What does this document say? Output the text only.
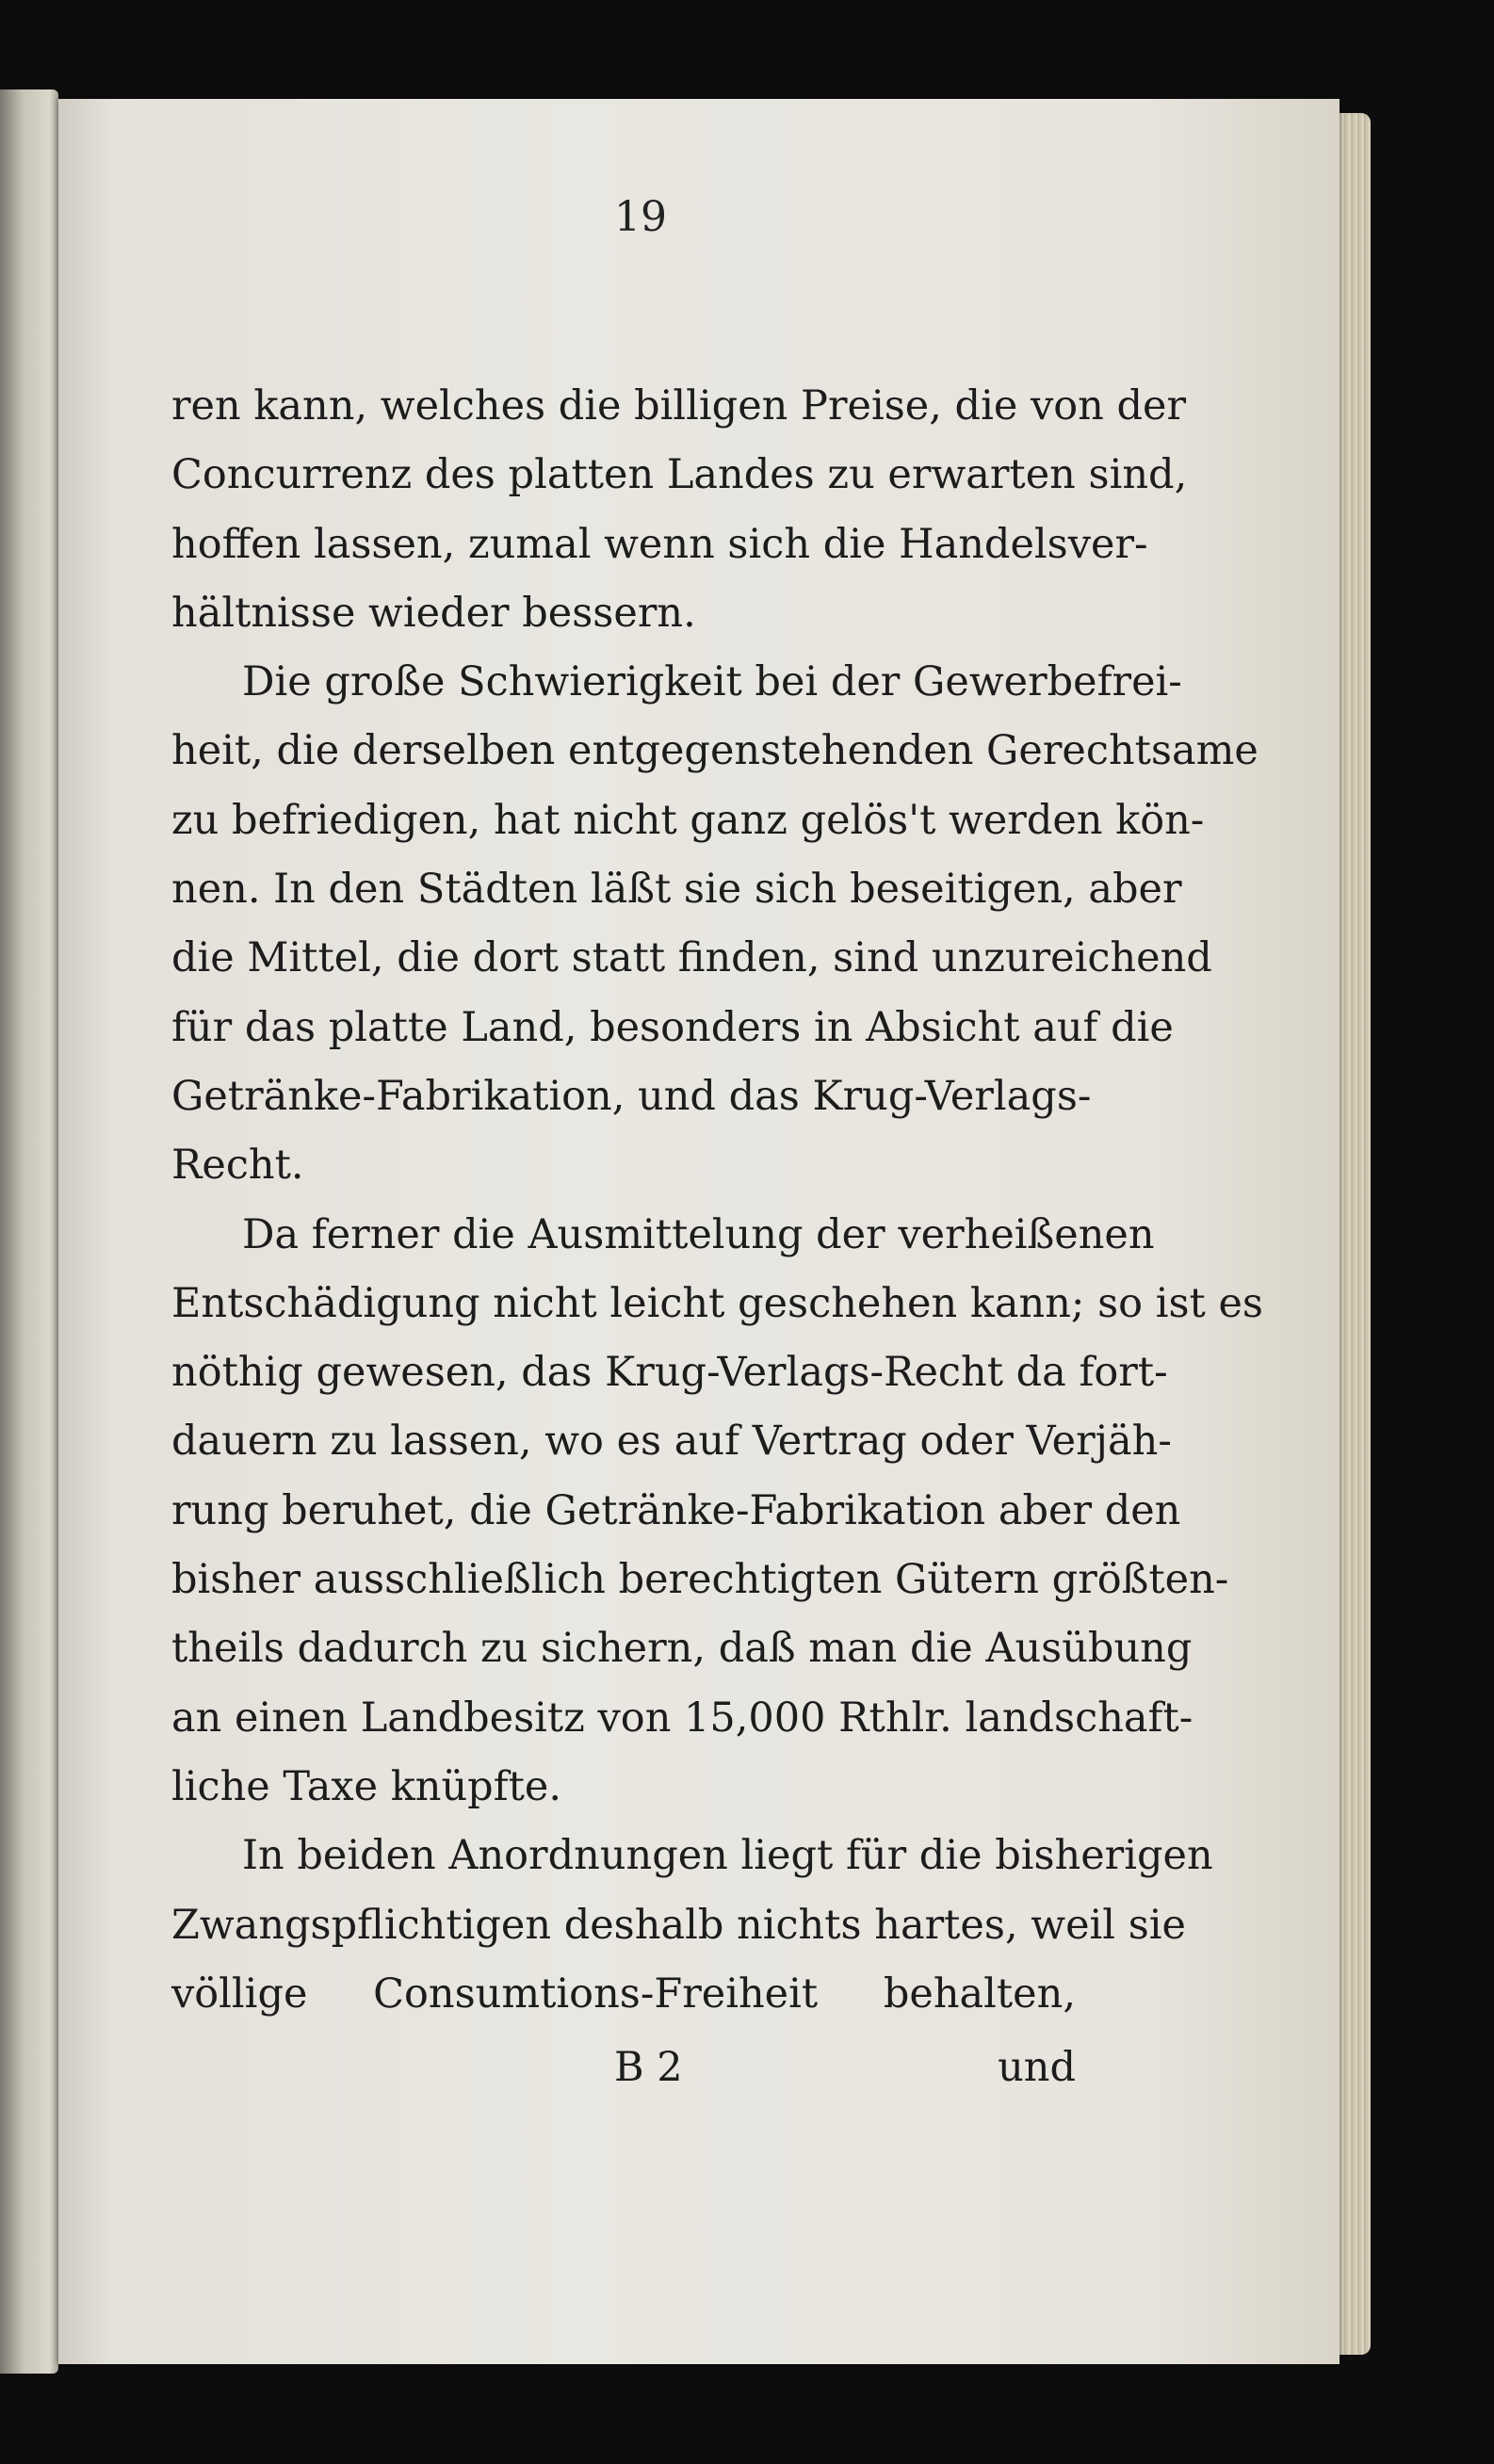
19
ren kann, welches die billigen Preise, die von der
Concurrenz des platten Landes zu erwarten sind,
hoffen lassen, zumal wenn sich die Handelsver-
hältnisse wieder bessern.
Die große Schwierigkeit bei der Gewerbefrei-
heit, die derselben entgegenstehenden Gerechtsame
zu befriedigen, hat nicht ganz gelös't werden kön-
nen. In den Städten läßt sie sich beseitigen, aber
die Mittel, die dort statt finden, sind unzureichend
für das platte Land, besonders in Absicht auf die
Getränke-Fabrikation, und das Krug-Verlags-
Recht.
Da ferner die Ausmittelung der verheißenen
Entschädigung nicht leicht geschehen kann; so ist es
nöthig gewesen, das Krug-Verlags-Recht da fort-
dauern zu lassen, wo es auf Vertrag oder Verjäh-
rung beruhet, die Getränke-Fabrikation aber den
bisher ausschließlich berechtigten Gütern größten-
theils dadurch zu sichern, daß man die Ausübung
an einen Landbesitz von 15,000 Rthlr. landschaft-
liche Taxe knüpfte.
In beiden Anordnungen liegt für die bisherigen
Zwangspflichtigen deshalb nichts hartes, weil sie
völlige Consumtions-Freiheit behalten,
B 2	und
